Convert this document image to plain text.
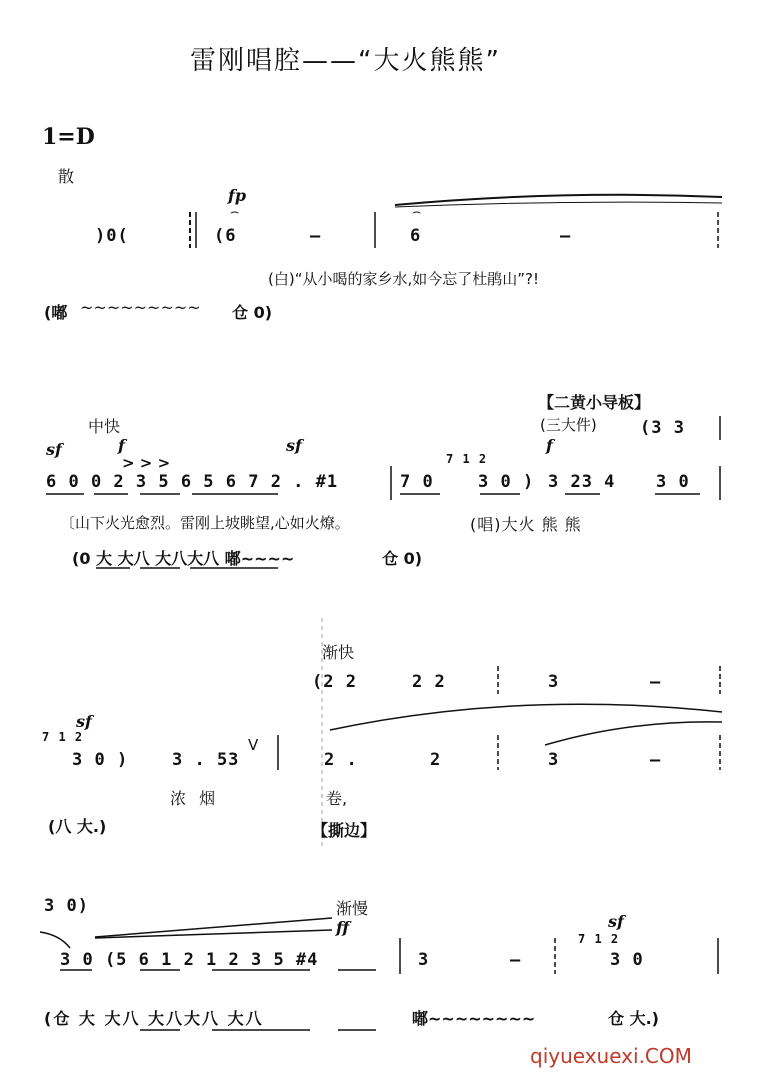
雷刚唱腔——“大火熊熊”
1=D
散
)0(
fp
⌢
(6	–
⌢
6	–
(白)“从小喝的家乡水,如今忘了杜鹃山”?!
(嘟 ~~~~~~~~~ 仓 0)
【二黄小导板】
(三大件)	(3 3
中快
sf	f	sf	f
> > >
6 0 0 2 3 5 6 5 6 7 2 . #1	7 0
7 1 2
3 0 ) 3 23 4 3 0
〔山下火光愈烈。雷刚上坡眺望,心如火燎。	(唱)大火 熊 熊
(0 大 大八 大八大八 嘟~~~~	仓 0)
渐快
(2 2	2 2	3	–
sf
7 1 2
3 0 )	3 . 53
V
2 .	2	3	–
浓 烟	卷,
(八 大.)	【撕边】
3 0)	渐慢
ff	sf
7 1 2
3 0 (5 6 1 2 1 2 3 5 #4	3	–	3 0
(仓 大 大八 大八大八 大八	嘟~~~~~~~~	仓 大.)
qiyuexuexi.COM
